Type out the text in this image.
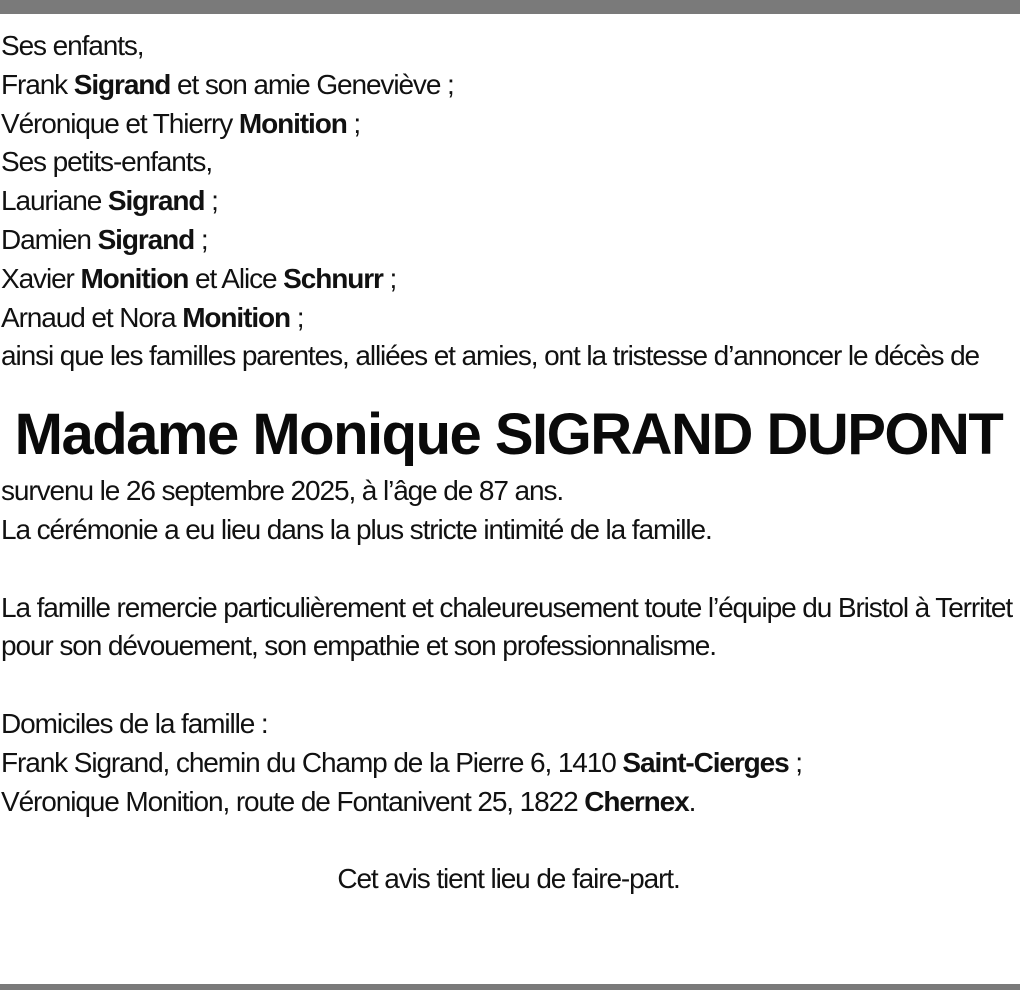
Ses enfants,
Frank Sigrand et son amie Geneviève ;
Véronique et Thierry Monition ;
Ses petits-enfants,
Lauriane Sigrand ;
Damien Sigrand ;
Xavier Monition et Alice Schnurr ;
Arnaud et Nora Monition ;
ainsi que les familles parentes, alliées et amies, ont la tristesse d’annoncer le décès de
Madame Monique SIGRAND DUPONT
survenu le 26 septembre 2025, à l’âge de 87 ans.
La cérémonie a eu lieu dans la plus stricte intimité de la famille.
La famille remercie particulièrement et chaleureusement toute l’équipe du Bristol à Territet pour son dévouement, son empathie et son professionnalisme.
Domiciles de la famille :
Frank Sigrand, chemin du Champ de la Pierre 6, 1410 Saint-Cierges ;
Véronique Monition, route de Fontanivent 25, 1822 Chernex.
Cet avis tient lieu de faire-part.
